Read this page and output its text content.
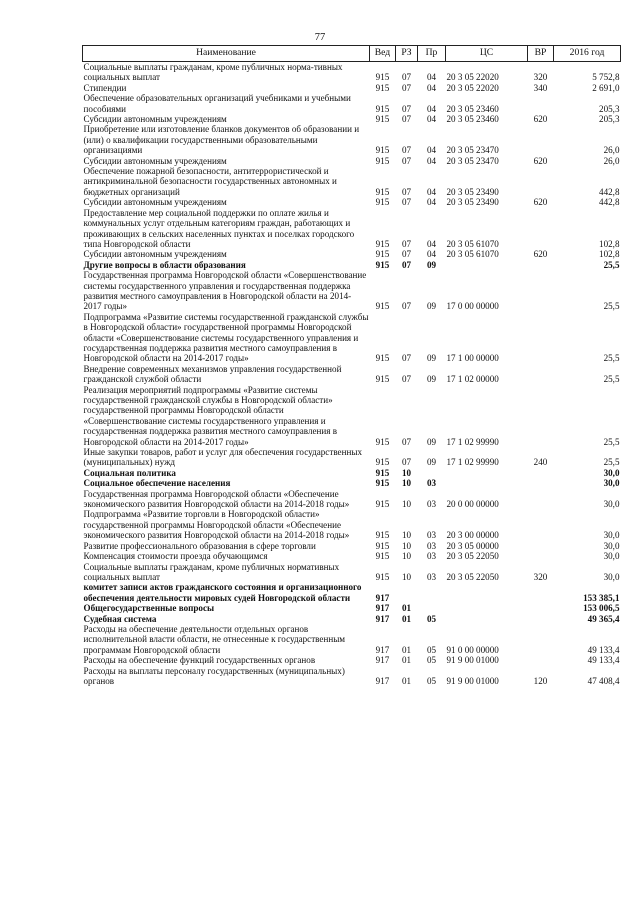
77
Наименование	Вед	РЗ	Пр	ЦС	ВР	2016 год
Социальные выплаты гражданам, кроме публичных норма-тивных социальных выплат	915	07	04	20 3 05 22020	320	5 752,8
Стипендии	915	07	04	20 3 05 22020	340	2 691,0
Обеспечение образовательных организаций учебниками и учебными пособиями	915	07	04	20 3 05 23460		205,3
Субсидии автономным учреждениям	915	07	04	20 3 05 23460	620	205,3
Приобретение или изготовление бланков документов об образовании и (или) о квалификации государственными образовательными организациями	915	07	04	20 3 05 23470		26,0
Субсидии автономным учреждениям	915	07	04	20 3 05 23470	620	26,0
Обеспечение пожарной безопасности, антитеррористической и антикриминальной безопасности государственных автономных и бюджетных организаций	915	07	04	20 3 05 23490		442,8
Субсидии автономным учреждениям	915	07	04	20 3 05 23490	620	442,8
Предоставление мер социальной поддержки по оплате жилья и коммунальных услуг отдельным категориям граждан, работающих и проживающих в сельских населенных пунктах и поселках городского типа Новгородской области	915	07	04	20 3 05 61070		102,8
Субсидии автономным учреждениям	915	07	04	20 3 05 61070	620	102,8
Другие вопросы в области образования	915	07	09			25,5
Государственная программа Новгородской области «Совершенствование системы государственного управления и государственная поддержка развития местного самоуправления в Новгородской области на 2014-2017 годы»	915	07	09	17 0 00 00000		25,5
Подпрограмма «Развитие системы государственной гражданской службы в Новгородской области» государственной программы Новгородской области «Совершенствование системы государственного управления и государственная поддержка развития местного самоуправления в Новгородской области на 2014-2017 годы»	915	07	09	17 1 00 00000		25,5
Внедрение современных механизмов управления государственной гражданской службой области	915	07	09	17 1 02 00000		25,5
Реализация мероприятий подпрограммы «Развитие системы государственной гражданской службы в Новгородской области» государственной программы Новгородской области «Совершенствование системы государственного управления и государственная поддержка развития местного самоуправления в Новгородской области на 2014-2017 годы»	915	07	09	17 1 02 99990		25,5
Иные закупки товаров, работ и услуг для обеспечения государственных (муниципальных) нужд	915	07	09	17 1 02 99990	240	25,5
Социальная политика	915	10				30,0
Социальное обеспечение населения	915	10	03			30,0
Государственная программа Новгородской области «Обеспечение экономического развития Новгородской области на 2014-2018 годы»	915	10	03	20 0 00 00000		30,0
Подпрограмма «Развитие торговли в Новгородской области» государственной программы Новгородской области «Обеспечение экономического развития Новгородской области на 2014-2018 годы»	915	10	03	20 3 00 00000		30,0
Развитие профессионального образования в сфере торговли	915	10	03	20 3 05 00000		30,0
Компенсация стоимости проезда обучающимся	915	10	03	20 3 05 22050		30,0
Социальные выплаты гражданам, кроме публичных нормативных социальных выплат	915	10	03	20 3 05 22050	320	30,0
комитет записи актов гражданского состояния и организационного обеспечения деятельности мировых судей Новгородской области	917					153 385,1
Общегосударственные вопросы	917	01				153 006,5
Судебная система	917	01	05			49 365,4
Расходы на обеспечение деятельности отдельных органов исполнительной власти области, не отнесенные к государственным программам Новгородской области	917	01	05	91 0 00 00000		49 133,4
Расходы на обеспечение функций государственных органов	917	01	05	91 9 00 01000		49 133,4
Расходы на выплаты персоналу государственных (муниципальных) органов	917	01	05	91 9 00 01000	120	47 408,4
